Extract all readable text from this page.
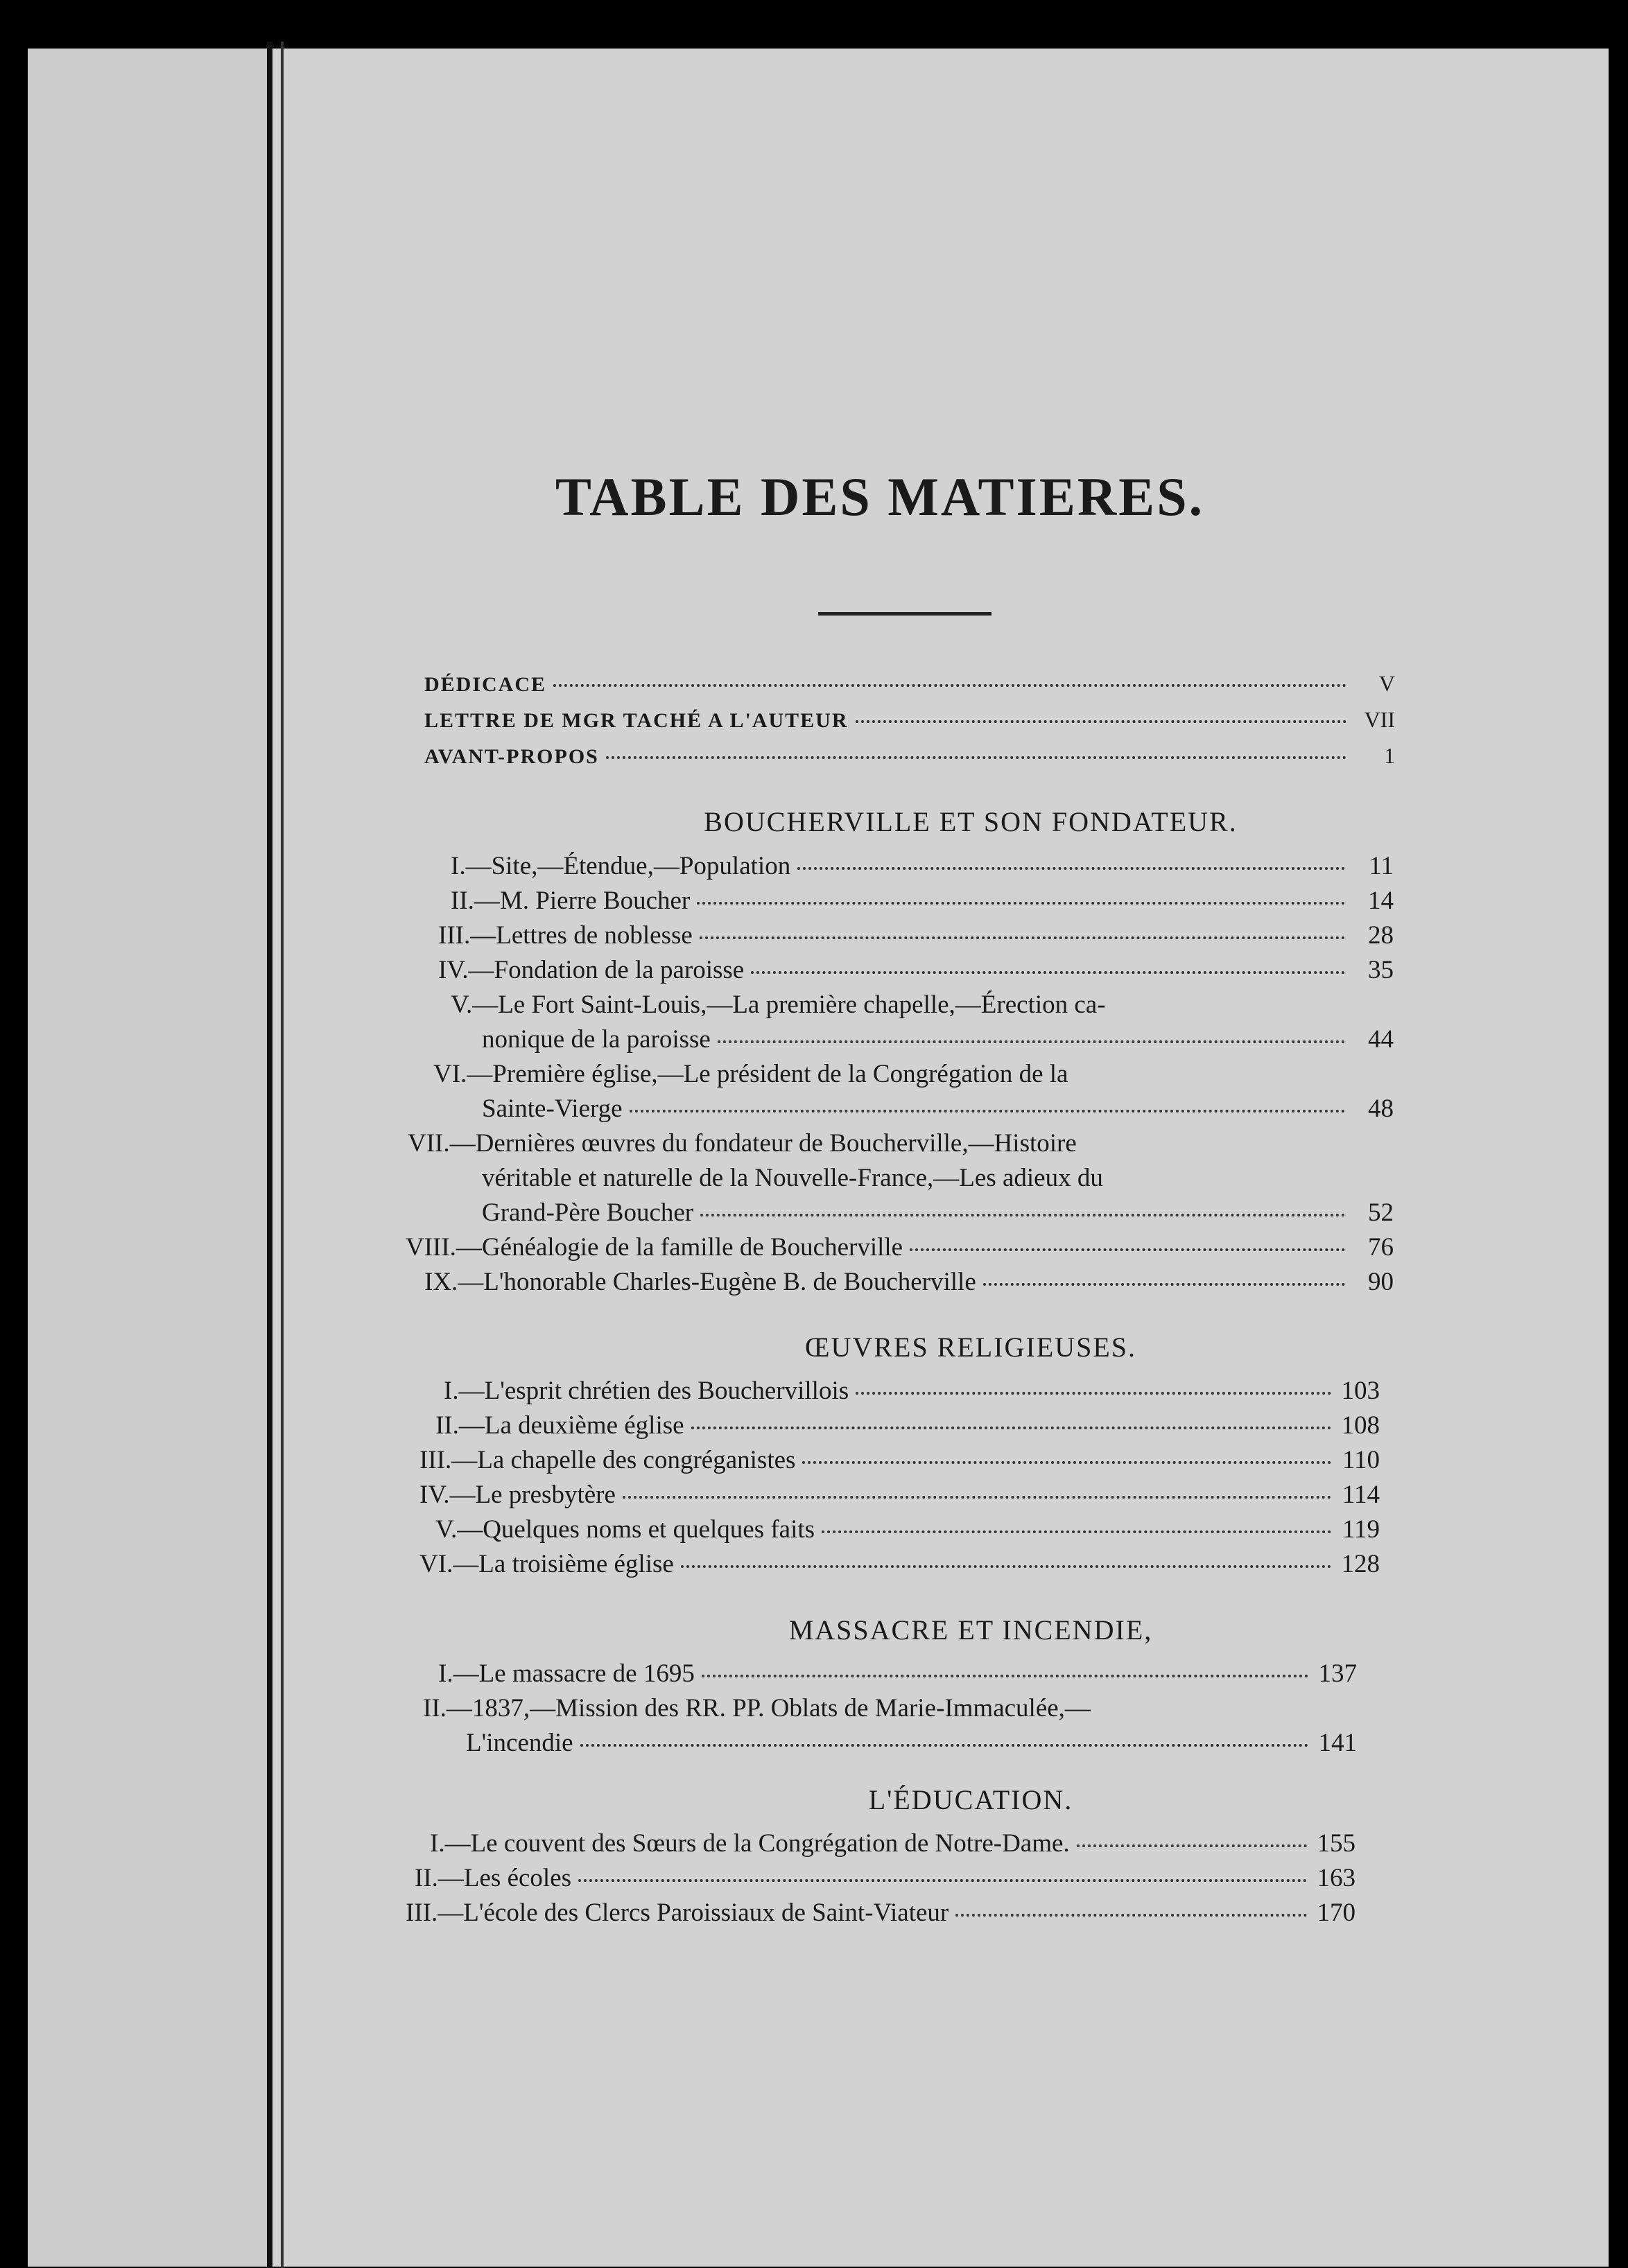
TABLE DES MATIERES.
DÉDICACE	V
LETTRE DE MGR TACHÉ A L'AUTEUR	VII
AVANT-PROPOS	1
BOUCHERVILLE ET SON FONDATEUR.
I.—Site,—Étendue,—Population	11
II.—M. Pierre Boucher	14
III.—Lettres de noblesse	28
IV.—Fondation de la paroisse	35
V.—Le Fort Saint-Louis,—La première chapelle,—Érection ca-
nonique de la paroisse	44
VI.—Première église,—Le président de la Congrégation de la
Sainte-Vierge	48
VII.—Dernières œuvres du fondateur de Boucherville,—Histoire
véritable et naturelle de la Nouvelle-France,—Les adieux du
Grand-Père Boucher	52
VIII.—Généalogie de la famille de Boucherville	76
IX.—L'honorable Charles-Eugène B. de Boucherville	90
ŒUVRES RELIGIEUSES.
I.—L'esprit chrétien des Bouchervillois	103
II.—La deuxième église	108
III.—La chapelle des congréganistes	110
IV.—Le presbytère	114
V.—Quelques noms et quelques faits	119
VI.—La troisième église	128
MASSACRE ET INCENDIE,
I.—Le massacre de 1695	137
II.—1837,—Mission des RR. PP. Oblats de Marie-Immaculée,—
L'incendie	141
L'ÉDUCATION.
I.—Le couvent des Sœurs de la Congrégation de Notre-Dame.	155
II.—Les écoles	163
III.—L'école des Clercs Paroissiaux de Saint-Viateur	170
